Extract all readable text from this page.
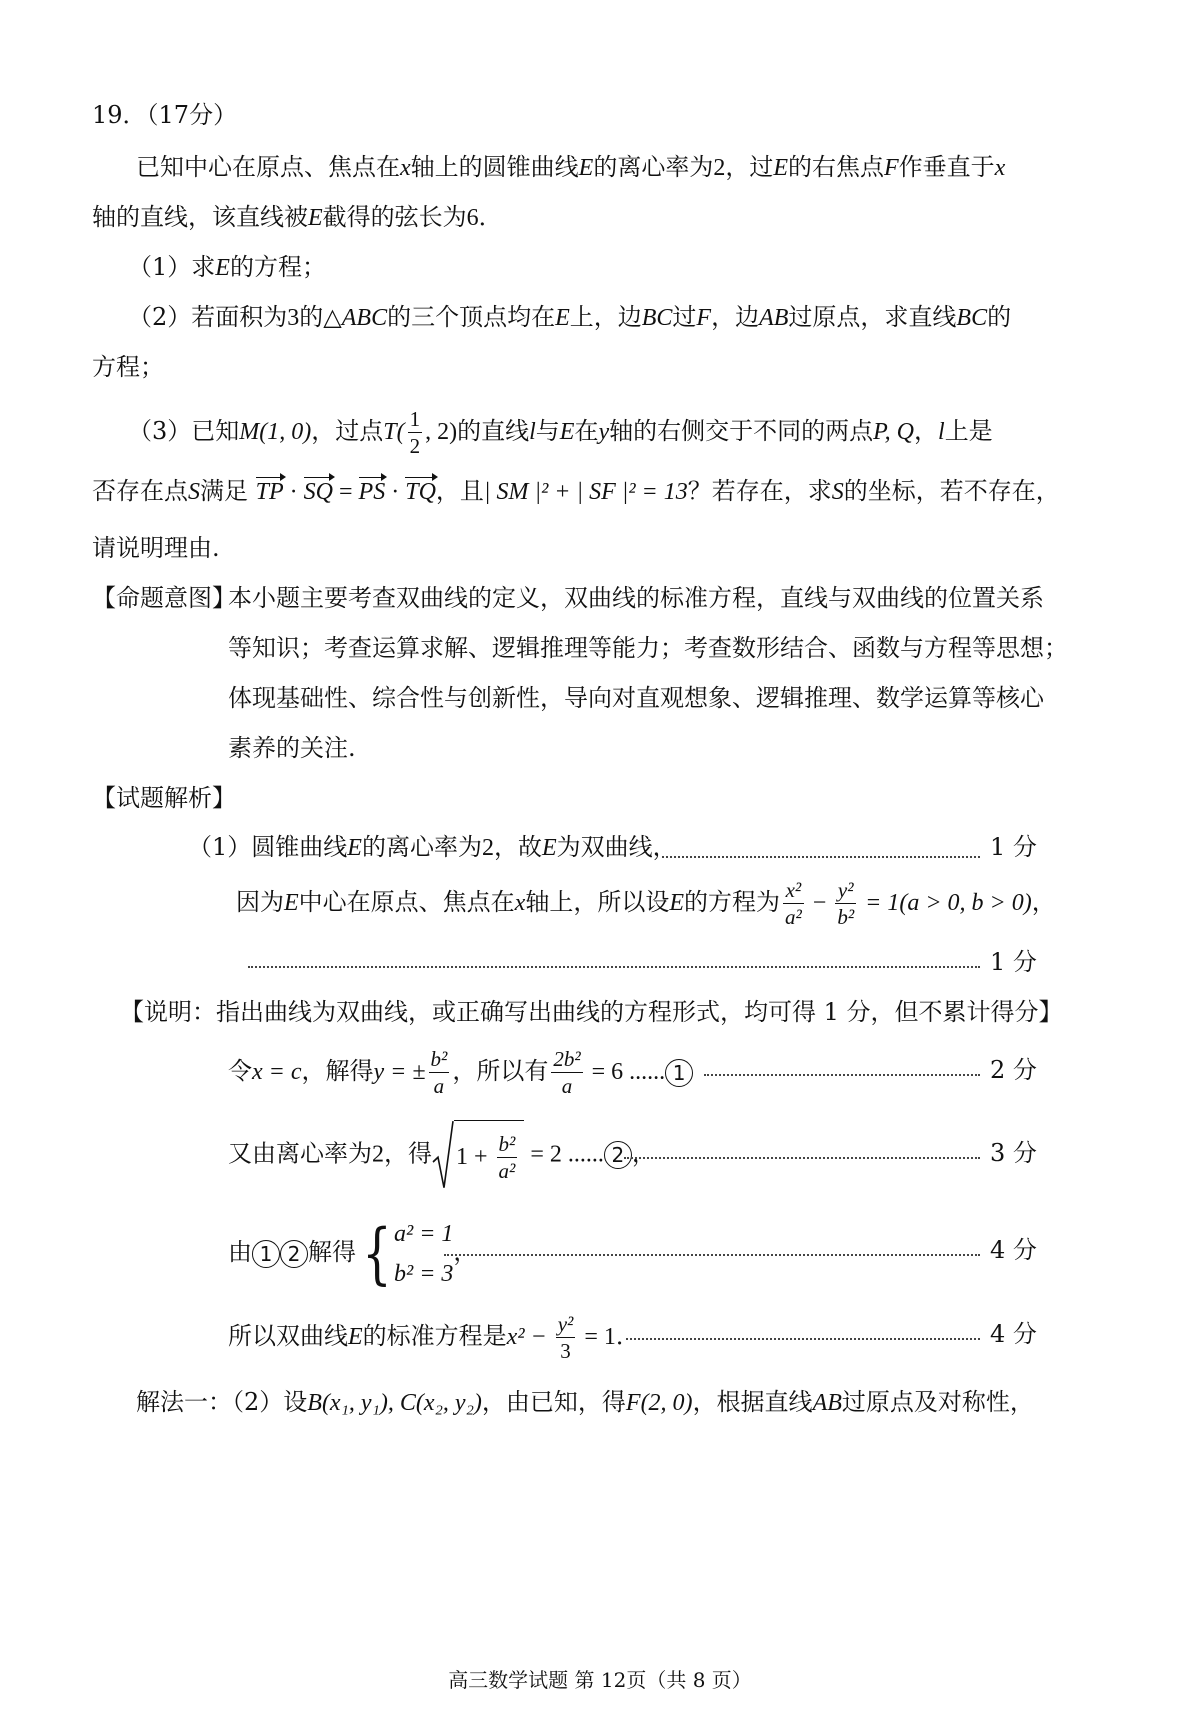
19．（17分）
已知中心在原点、焦点在x轴上的圆锥曲线E的离心率为2，过E的右焦点F作垂直于x
轴的直线，该直线被E截得的弦长为6．
（1）求E的方程；
（2）若面积为3的△ABC的三个顶点均在E上，边BC过F，边AB过原点，求直线BC的
方程；
（3）已知M(1, 0)，过点$T( \frac{1}{2}$ , 2)的直线l与E在y轴的右侧交于不同的两点P, Q，l上是
否存在点S满足 TP · SQ = PS · TQ，且| SM |² + | SF |² = 13？若存在，求S的坐标，若不存在，
请说明理由.
【命题意图】
本小题主要考查双曲线的定义，双曲线的标准方程，直线与双曲线的位置关系
等知识；考查运算求解、逻辑推理等能力；考查数形结合、函数与方程等思想；
体现基础性、综合性与创新性，导向对直观想象、逻辑推理、数学运算等核心
素养的关注.
【试题解析】
（1）圆锥曲线E的离心率为2，故E为双曲线，	1 分
因为E中心在原点、焦点在x轴上，所以设E的方程为 $\frac{\text{x²}}{\text{a²}} - \frac{\text{y²}}{\text{b²}} = 1(a > 0$, b > 0)，
1 分
【说明：指出曲线为双曲线，或正确写出曲线的方程形式，均可得 1 分，但不累计得分】
令x = c，解得y = ± $\frac{\text{b²}}{a}$ ，所以有 $\frac{\text{2b²}}{a} = 6$ ...... 1	2 分
又由离心率为2，得 $1 + \frac{\text{b²}}{\text{a²}} = 2$ ...... 2 ，	3 分
由 1 2 解得{ a² = 1
b² = 3
，	4 分
所以双曲线E的标准方程是$x^2 - \frac{\text{y²}}{3} = 1$．	4 分
解法一：（2）设B(x₁, y₁), C(x₂, y₂)，由已知，得F(2, 0)，根据直线AB过原点及对称性，
高三数学试题 第 12页（共 8 页）
